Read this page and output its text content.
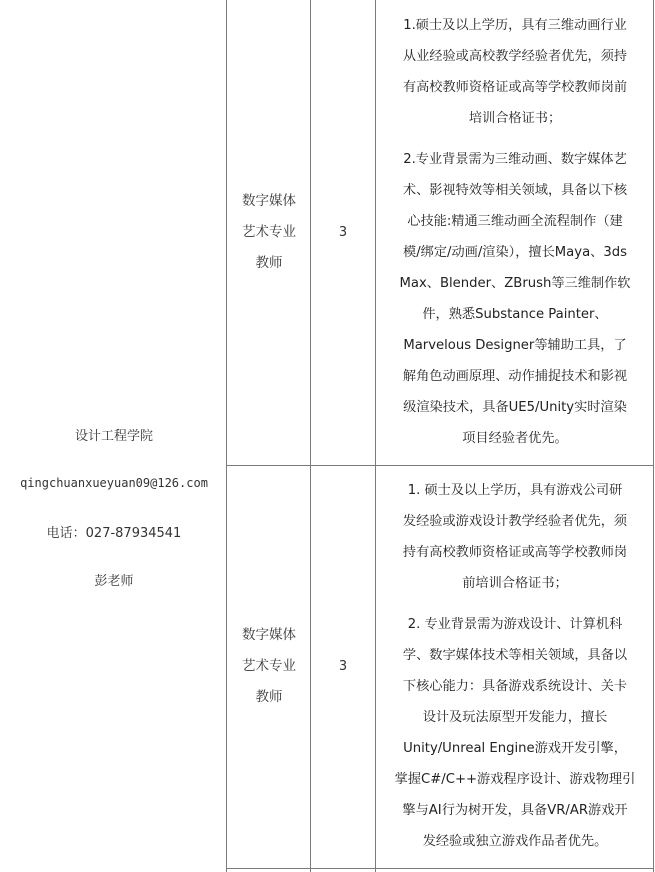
设计工程学院
qingchuanxueyuan09@126.com
电话：027-87934541
彭老师
数字媒体
艺术专业
教师
3

1.硕士及以上学历，具有三维动画行业

从业经验或高校教学经验者优先，须持

有高校教师资格证或高等学校教师岗前

培训合格证书；

2.专业背景需为三维动画、数字媒体艺

术、影视特效等相关领域，具备以下核

心技能:精通三维动画全流程制作（建

模/绑定/动画/渲染），擅长Maya、3ds

Max、Blender、ZBrush等三维制作软

件，熟悉Substance Painter、

Marvelous Designer等辅助工具，了

解角色动画原理、动作捕捉技术和影视

级渲染技术，具备UE5/Unity实时渲染

项目经验者优先。

数字媒体
艺术专业
教师
3

1. 硕士及以上学历，具有游戏公司研

发经验或游戏设计教学经验者优先，须

持有高校教师资格证或高等学校教师岗

前培训合格证书；

2. 专业背景需为游戏设计、计算机科

学、数字媒体技术等相关领域，具备以

下核心能力：具备游戏系统设计、关卡

设计及玩法原型开发能力，擅长

Unity/Unreal Engine游戏开发引擎，

掌握C#/C++游戏程序设计、游戏物理引

擎与AI行为树开发，具备VR/AR游戏开

发经验或独立游戏作品者优先。
